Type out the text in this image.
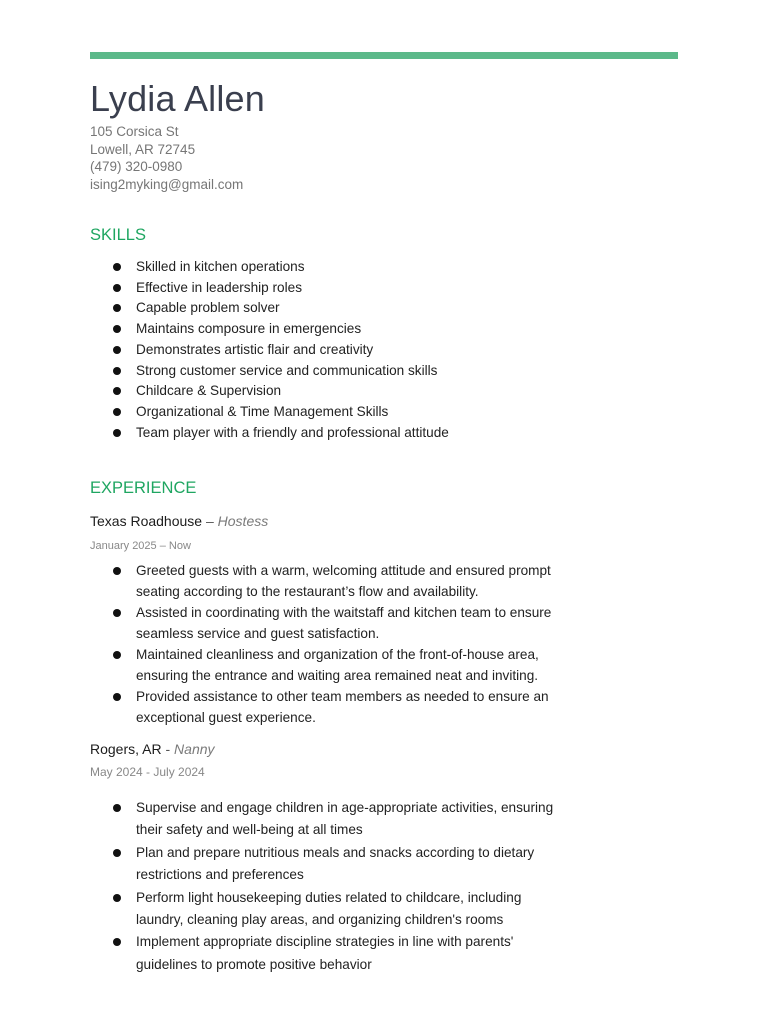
Lydia Allen
105 Corsica St
Lowell, AR 72745
(479) 320-0980
ising2myking@gmail.com
SKILLS
Skilled in kitchen operations
Effective in leadership roles
Capable problem solver
Maintains composure in emergencies
Demonstrates artistic flair and creativity
Strong customer service and communication skills
Childcare & Supervision
Organizational & Time Management Skills
Team player with a friendly and professional attitude
EXPERIENCE
Texas Roadhouse – Hostess
January 2025 – Now
Greeted guests with a warm, welcoming attitude and ensured prompt seating according to the restaurant’s flow and availability.
Assisted in coordinating with the waitstaff and kitchen team to ensure seamless service and guest satisfaction.
Maintained cleanliness and organization of the front-of-house area, ensuring the entrance and waiting area remained neat and inviting.
Provided assistance to other team members as needed to ensure an exceptional guest experience.
Rogers, AR - Nanny
May 2024 - July 2024
Supervise and engage children in age-appropriate activities, ensuring their safety and well-being at all times
Plan and prepare nutritious meals and snacks according to dietary restrictions and preferences
Perform light housekeeping duties related to childcare, including laundry, cleaning play areas, and organizing children's rooms
Implement appropriate discipline strategies in line with parents' guidelines to promote positive behavior
